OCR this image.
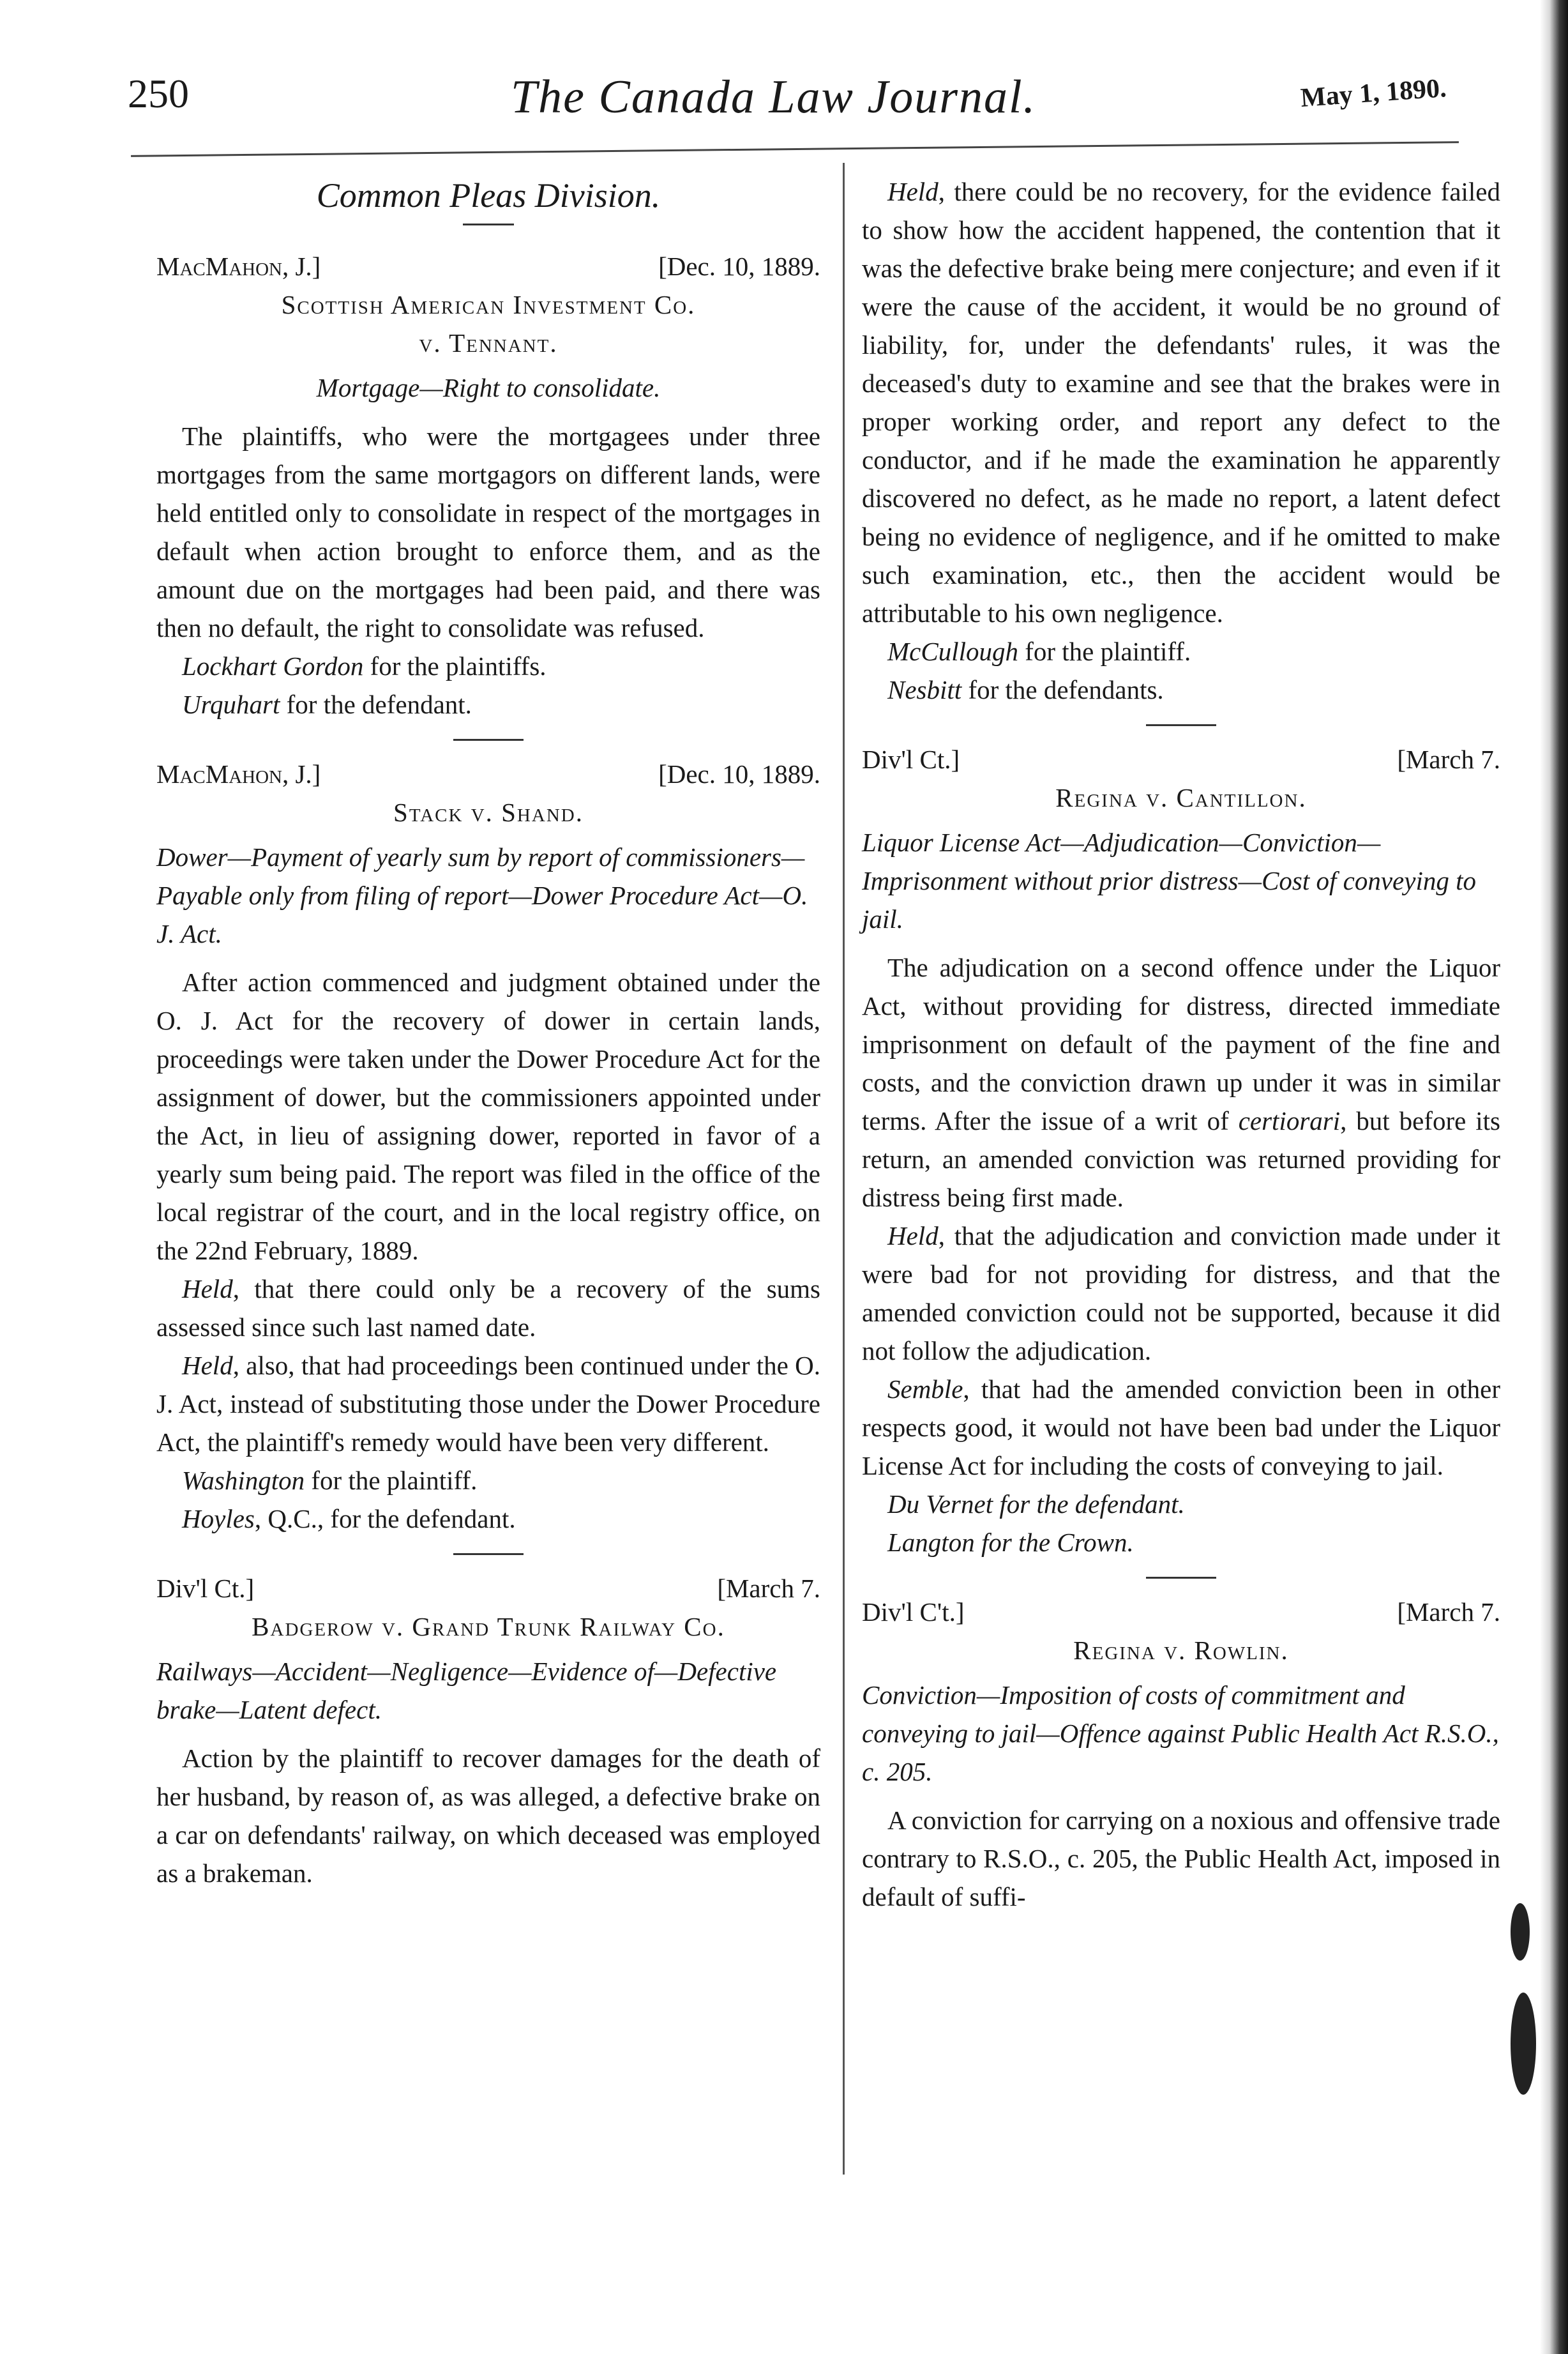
250	The Canada Law Journal.	May 1, 1890.
Common Pleas Division.
MacMahon, J.]	[Dec. 10, 1889.
Scottish American Investment Co.
v. Tennant.
Mortgage—Right to consolidate.

The plaintiffs, who were the mortgagees under three mortgages from the same mortgagors on different lands, were held entitled only to consolidate in respect of the mortgages in default when action brought to enforce them, and as the amount due on the mortgages had been paid, and there was then no default, the right to consolidate was refused.

Lockhart Gordon for the plaintiffs.

Urquhart for the defendant.

MacMahon, J.]	[Dec. 10, 1889.
Stack v. Shand.
Dower—Payment of yearly sum by report of commissioners—Payable only from filing of report—Dower Procedure Act—O. J. Act.

After action commenced and judgment obtained under the O. J. Act for the recovery of dower in certain lands, proceedings were taken under the Dower Procedure Act for the assignment of dower, but the commissioners appointed under the Act, in lieu of assigning dower, reported in favor of a yearly sum being paid. The report was filed in the office of the local registrar of the court, and in the local registry office, on the 22nd February, 1889.

Held, that there could only be a recovery of the sums assessed since such last named date.

Held, also, that had proceedings been continued under the O. J. Act, instead of substituting those under the Dower Procedure Act, the plaintiff's remedy would have been very different.

Washington for the plaintiff.

Hoyles, Q.C., for the defendant.

Div'l Ct.]	[March 7.
Badgerow v. Grand Trunk Railway Co.
Railways—Accident—Negligence—Evidence of—Defective brake—Latent defect.

Action by the plaintiff to recover damages for the death of her husband, by reason of, as was alleged, a defective brake on a car on defendants' railway, on which deceased was employed as a brakeman.

Held, there could be no recovery, for the evidence failed to show how the accident happened, the contention that it was the defective brake being mere conjecture; and even if it were the cause of the accident, it would be no ground of liability, for, under the defendants' rules, it was the deceased's duty to examine and see that the brakes were in proper working order, and report any defect to the conductor, and if he made the examination he apparently discovered no defect, as he made no report, a latent defect being no evidence of negligence, and if he omitted to make such examination, etc., then the accident would be attributable to his own negligence.

McCullough for the plaintiff.

Nesbitt for the defendants.

Div'l Ct.]	[March 7.
Regina v. Cantillon.
Liquor License Act—Adjudication—Conviction—Imprisonment without prior distress—Cost of conveying to jail.

The adjudication on a second offence under the Liquor Act, without providing for distress, directed immediate imprisonment on default of the payment of the fine and costs, and the conviction drawn up under it was in similar terms. After the issue of a writ of certiorari, but before its return, an amended conviction was returned providing for distress being first made.

Held, that the adjudication and conviction made under it were bad for not providing for distress, and that the amended conviction could not be supported, because it did not follow the adjudication.

Semble, that had the amended conviction been in other respects good, it would not have been bad under the Liquor License Act for including the costs of conveying to jail.

Du Vernet for the defendant.

Langton for the Crown.

Div'l C't.]	[March 7.
Regina v. Rowlin.
Conviction—Imposition of costs of commitment and conveying to jail—Offence against Public Health Act R.S.O., c. 205.

A conviction for carrying on a noxious and offensive trade contrary to R.S.O., c. 205, the Public Health Act, imposed in default of suffi-
